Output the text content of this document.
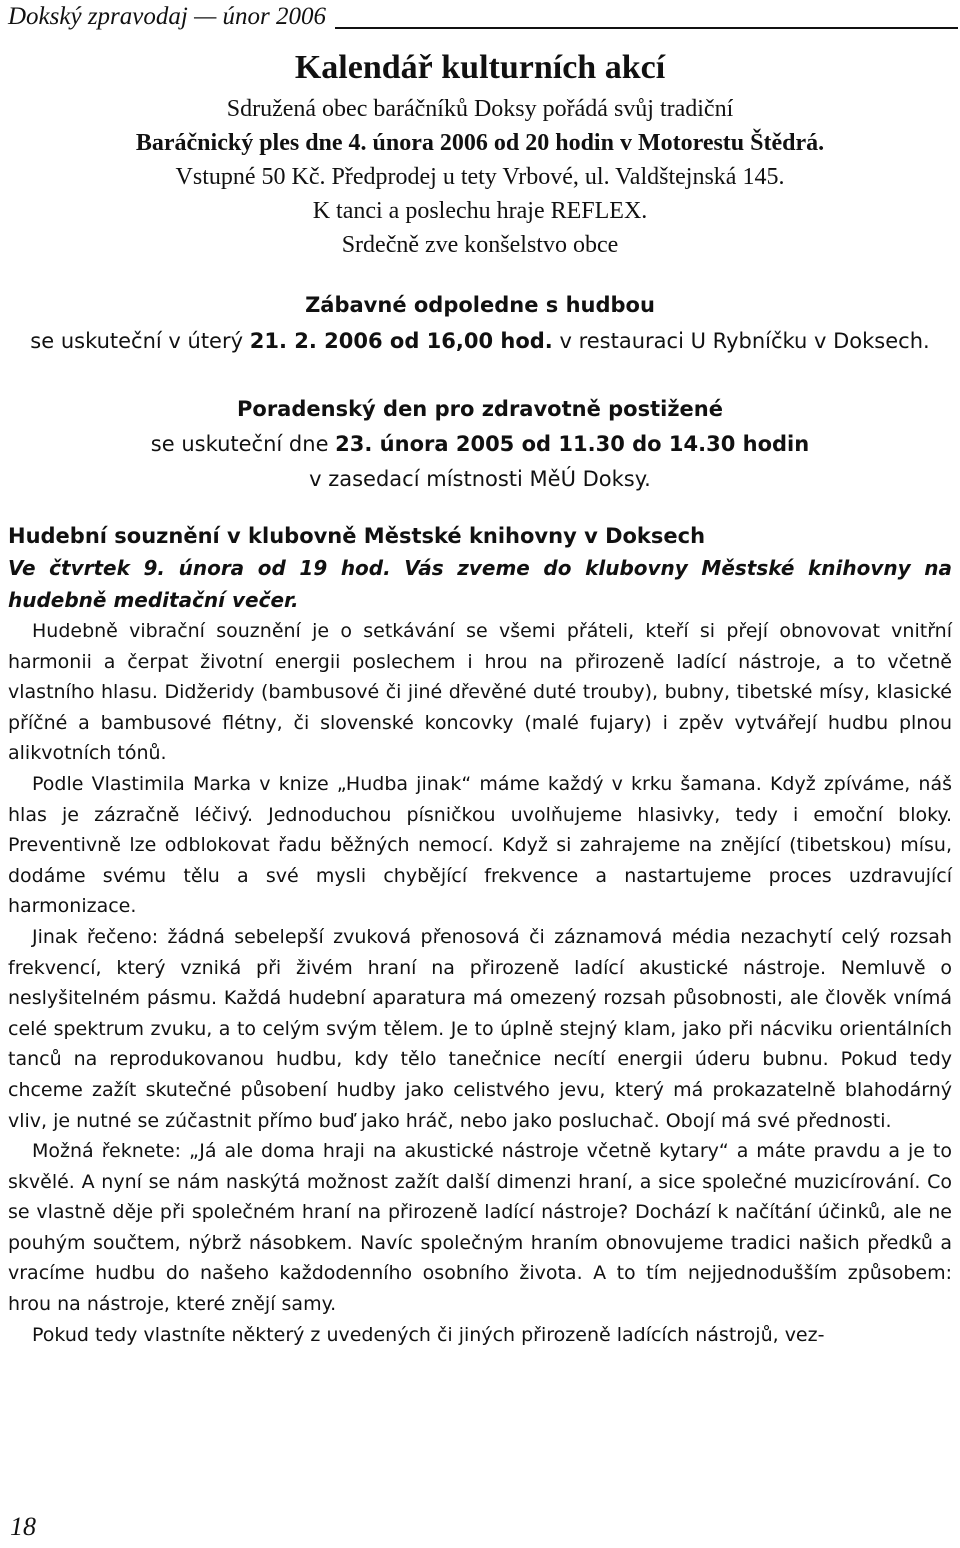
Dokský zpravodaj — únor 2006
Kalendář kulturních akcí
Sdružená obec baráčníků Doksy pořádá svůj tradiční
Baráčnický ples dne 4. února 2006 od 20 hodin v Motorestu Štědrá.
Vstupné 50 Kč. Předprodej u tety Vrbové, ul. Valdštejnská 145.
K tanci a poslechu hraje REFLEX.
Srdečně zve konšelstvo obce
Zábavné odpoledne s hudbou
se uskuteční v úterý 21. 2. 2006 od 16,00 hod. v restauraci U Rybníčku v Doksech.
Poradenský den pro zdravotně postižené
se uskuteční dne 23. února 2005 od 11.30 do 14.30 hodin
v zasedací místnosti MěÚ Doksy.
Hudební souznění v klubovně Městské knihovny v Doksech
Ve čtvrtek 9. února od 19 hod. Vás zveme do klubovny Městské knihovny na hudebně meditační večer.

Hudebně vibrační souznění je o setkávání se všemi přáteli, kteří si přejí obnovovat vnitřní harmonii a čerpat životní energii poslechem i hrou na přirozeně ladící nástroje, a to včetně vlastního hlasu. Didžeridy (bambusové či jiné dřevěné duté trouby), bubny, tibetské mísy, klasické příčné a bambusové flétny, či slovenské koncovky (malé fujary) i zpěv vytvářejí hudbu plnou alikvotních tónů.

Podle Vlastimila Marka v knize „Hudba jinak“ máme každý v krku šamana. Když zpíváme, náš hlas je zázračně léčivý. Jednoduchou písničkou uvolňujeme hlasivky, tedy i emoční bloky. Preventivně lze odblokovat řadu běžných nemocí. Když si zahrajeme na znějící (tibetskou) mísu, dodáme svému tělu a své mysli chybějící frekvence a nastartujeme proces uzdravující harmonizace.

Jinak řečeno: žádná sebelepší zvuková přenosová či záznamová média nezachytí celý rozsah frekvencí, který vzniká při živém hraní na přirozeně ladící akustické nástroje. Nemluvě o neslyšitelném pásmu. Každá hudební aparatura má omezený rozsah působnosti, ale člověk vnímá celé spektrum zvuku, a to celým svým tělem. Je to úplně stejný klam, jako při nácviku orientálních tanců na reprodukovanou hudbu, kdy tělo tanečnice necítí energii úderu bubnu. Pokud tedy chceme zažít skutečné působení hudby jako celistvého jevu, který má prokazatelně blahodárný vliv, je nutné se zúčastnit přímo buď jako hráč, nebo jako posluchač. Obojí má své přednosti.

Možná řeknete: „Já ale doma hraji na akustické nástroje včetně kytary“ a máte pravdu a je to skvělé. A nyní se nám naskýtá možnost zažít další dimenzi hraní, a sice společné muzicírování. Co se vlastně děje při společném hraní na přirozeně ladící nástroje? Dochází k načítání účinků, ale ne pouhým součtem, nýbrž násobkem. Navíc společným hraním obnovujeme tradici našich předků a vracíme hudbu do našeho každodenního osobního života. A to tím nejjednodušším způsobem: hrou na nástroje, které znějí samy.

Pokud tedy vlastníte některý z uvedených či jiných přirozeně ladících nástrojů, vez-

18
